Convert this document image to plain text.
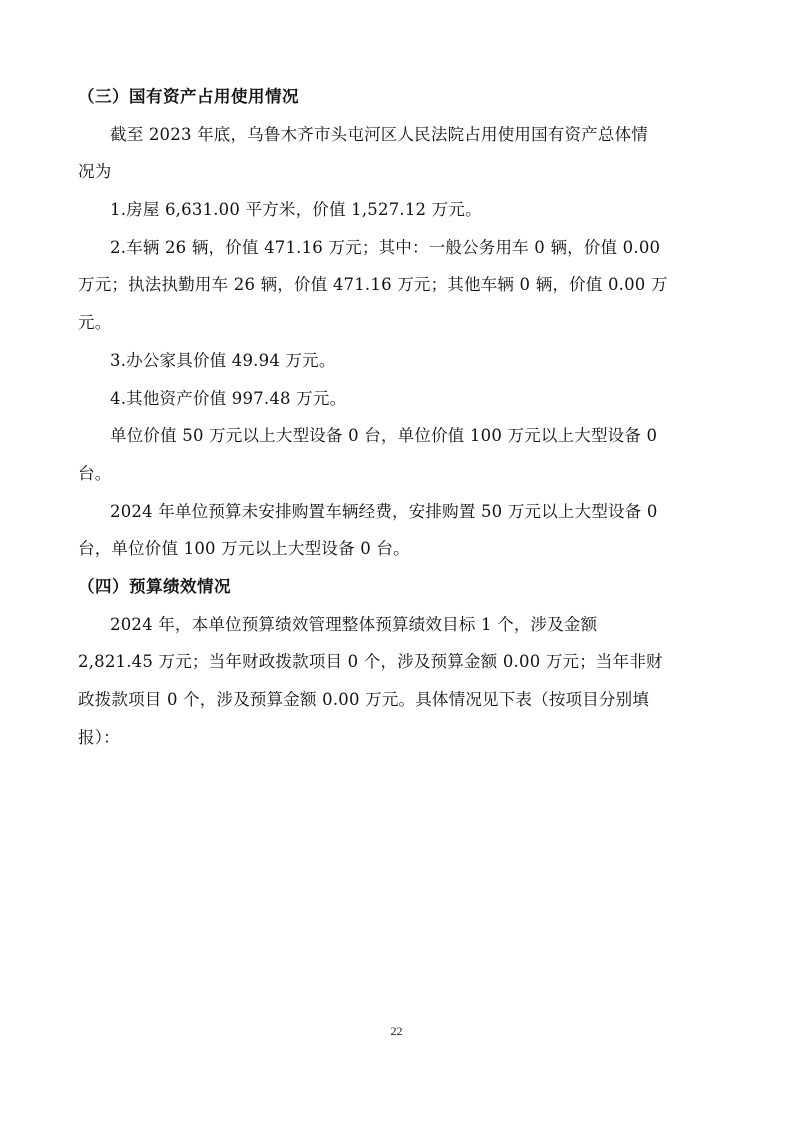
（三）国有资产占用使用情况
截至 2023 年底，乌鲁木齐市头屯河区人民法院占用使用国有资产总体情
况为
1.房屋 6,631.00 平方米，价值 1,527.12 万元。
2.车辆 26 辆，价值 471.16 万元；其中：一般公务用车 0 辆，价值 0.00
万元；执法执勤用车 26 辆，价值 471.16 万元；其他车辆 0 辆，价值 0.00 万
元。
3.办公家具价值 49.94 万元。
4.其他资产价值 997.48 万元。
单位价值 50 万元以上大型设备 0 台，单位价值 100 万元以上大型设备 0
台。
2024 年单位预算未安排购置车辆经费，安排购置 50 万元以上大型设备 0
台，单位价值 100 万元以上大型设备 0 台。
（四）预算绩效情况
2024 年，本单位预算绩效管理整体预算绩效目标 1 个，涉及金额
2,821.45 万元；当年财政拨款项目 0 个，涉及预算金额 0.00 万元；当年非财
政拨款项目 0 个，涉及预算金额 0.00 万元。具体情况见下表（按项目分别填
报）：
22
